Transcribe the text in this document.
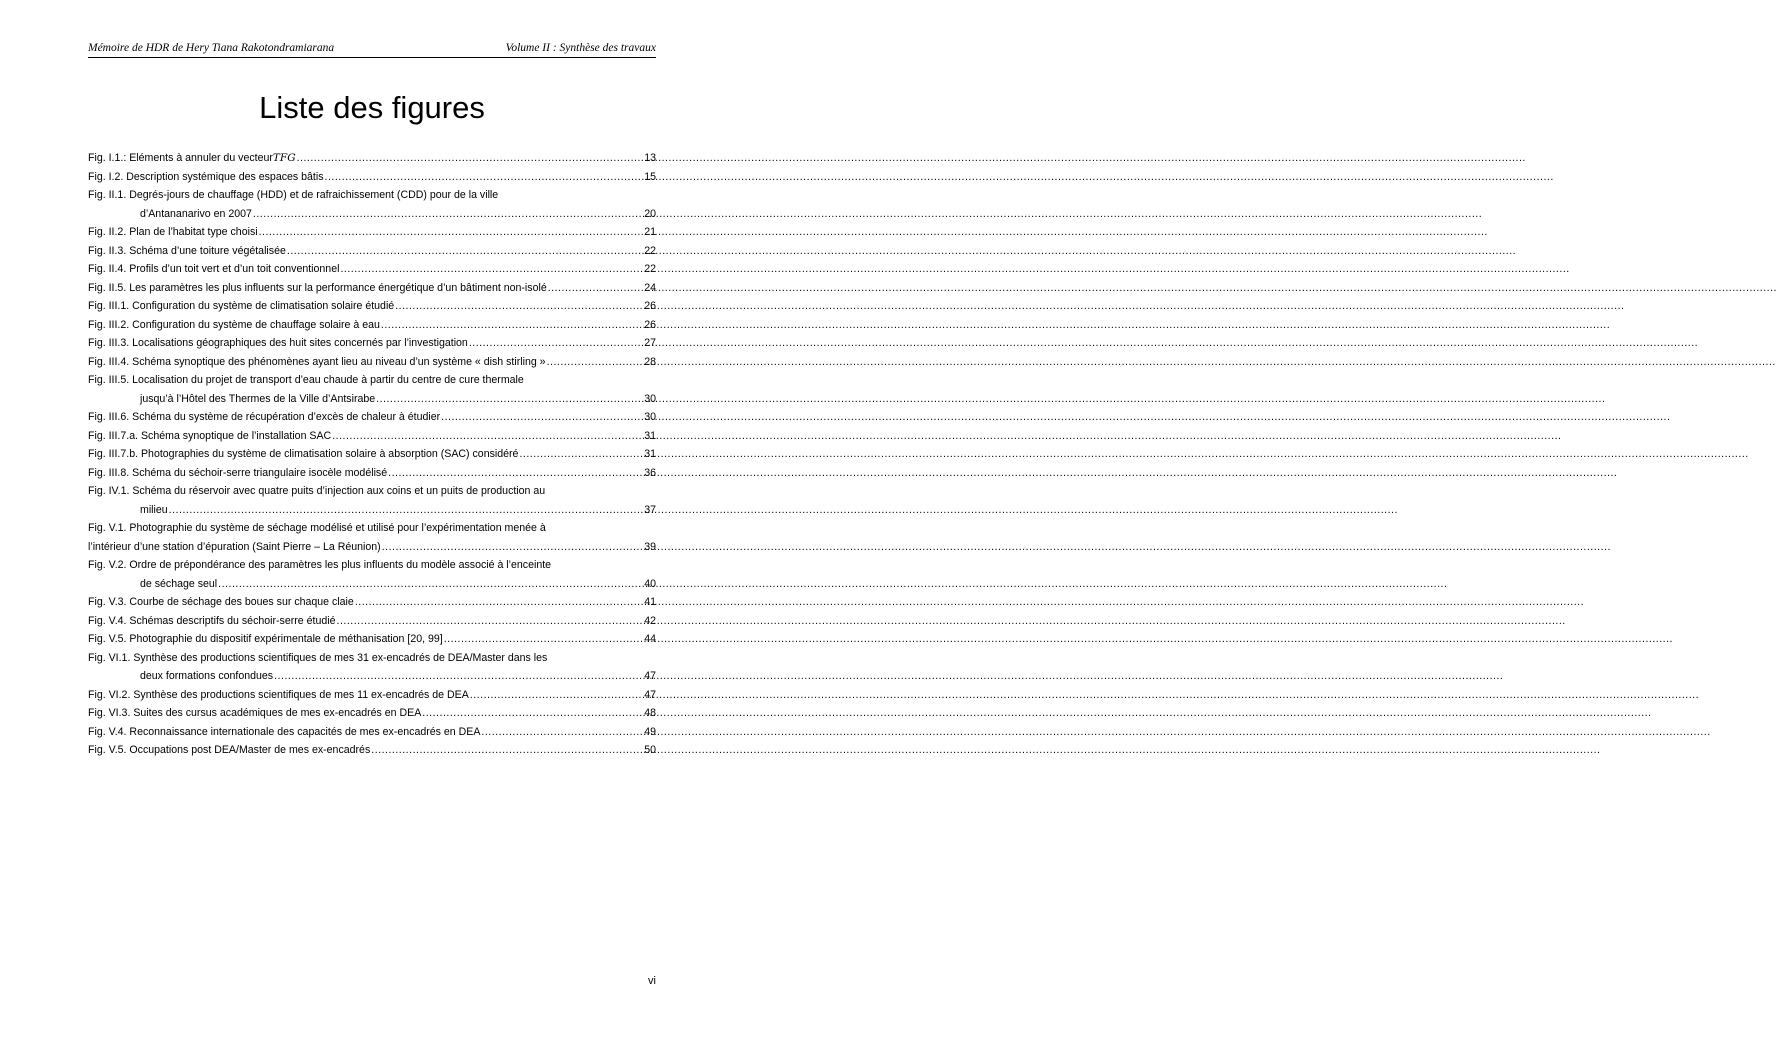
Mémoire de HDR de Hery Tiana Rakotondramiarana	Volume II : Synthèse des travaux
Liste des figures
Fig. I.1.: Eléments à annuler du vecteur TFG .....	13
Fig. I.2. Description systémique des espaces bâtis .....	15
Fig. II.1. Degrés-jours de chauffage (HDD) et de rafraichissement (CDD) pour de la ville
d’Antananarivo en 2007 .....	20
Fig. II.2. Plan de l’habitat type choisi .....	21
Fig. II.3. Schéma d’une toiture végétalisée .....	22
Fig. II.4. Profils d’un toit vert et d’un toit conventionnel .....	22
Fig. II.5. Les paramètres les plus influents sur la performance énergétique d’un bâtiment non-isolé .....	24
Fig. III.1. Configuration du système de climatisation solaire étudié .....	26
Fig. III.2. Configuration du système de chauffage solaire à eau .....	26
Fig. III.3. Localisations géographiques des huit sites concernés par l’investigation .....	27
Fig. III.4. Schéma synoptique des phénomènes ayant lieu au niveau d’un système « dish stirling » .....	28
Fig. III.5. Localisation du projet de transport d’eau chaude à partir du centre de cure thermale
jusqu’à l’Hôtel des Thermes de la Ville d’Antsirabe .....	30
Fig. III.6. Schéma du système de récupération d’excès de chaleur à étudier .....	30
Fig. III.7.a. Schéma synoptique de l’installation SAC .....	31
Fig. III.7.b. Photographies du système de climatisation solaire à absorption (SAC) considéré .....	31
Fig. III.8. Schéma du séchoir-serre triangulaire isocèle modélisé .....	36
Fig. IV.1. Schéma du réservoir avec quatre puits d’injection aux coins et un puits de production au
milieu .....	37
Fig. V.1. Photographie du système de séchage modélisé et utilisé pour l’expérimentation menée à
l’intérieur d’une station d’épuration (Saint Pierre – La Réunion) .....	39
Fig. V.2. Ordre de prépondérance des paramètres les plus influents du modèle associé à l’enceinte
de séchage seul .....	40
Fig. V.3. Courbe de séchage des boues sur chaque claie .....	41
Fig. V.4. Schémas descriptifs du séchoir-serre étudié .....	42
Fig. V.5. Photographie du dispositif expérimentale de méthanisation [20, 99] .....	44
Fig. VI.1. Synthèse des productions scientifiques de mes 31 ex-encadrés de DEA/Master dans les
deux formations confondues .....	47
Fig. VI.2. Synthèse des productions scientifiques de mes 11 ex-encadrés de DEA .....	47
Fig. VI.3. Suites des cursus académiques de mes ex-encadrés en DEA .....	48
Fig. V.4. Reconnaissance internationale des capacités de mes ex-encadrés en DEA .....	49
Fig. V.5. Occupations post DEA/Master de mes ex-encadrés .....	50
vi
